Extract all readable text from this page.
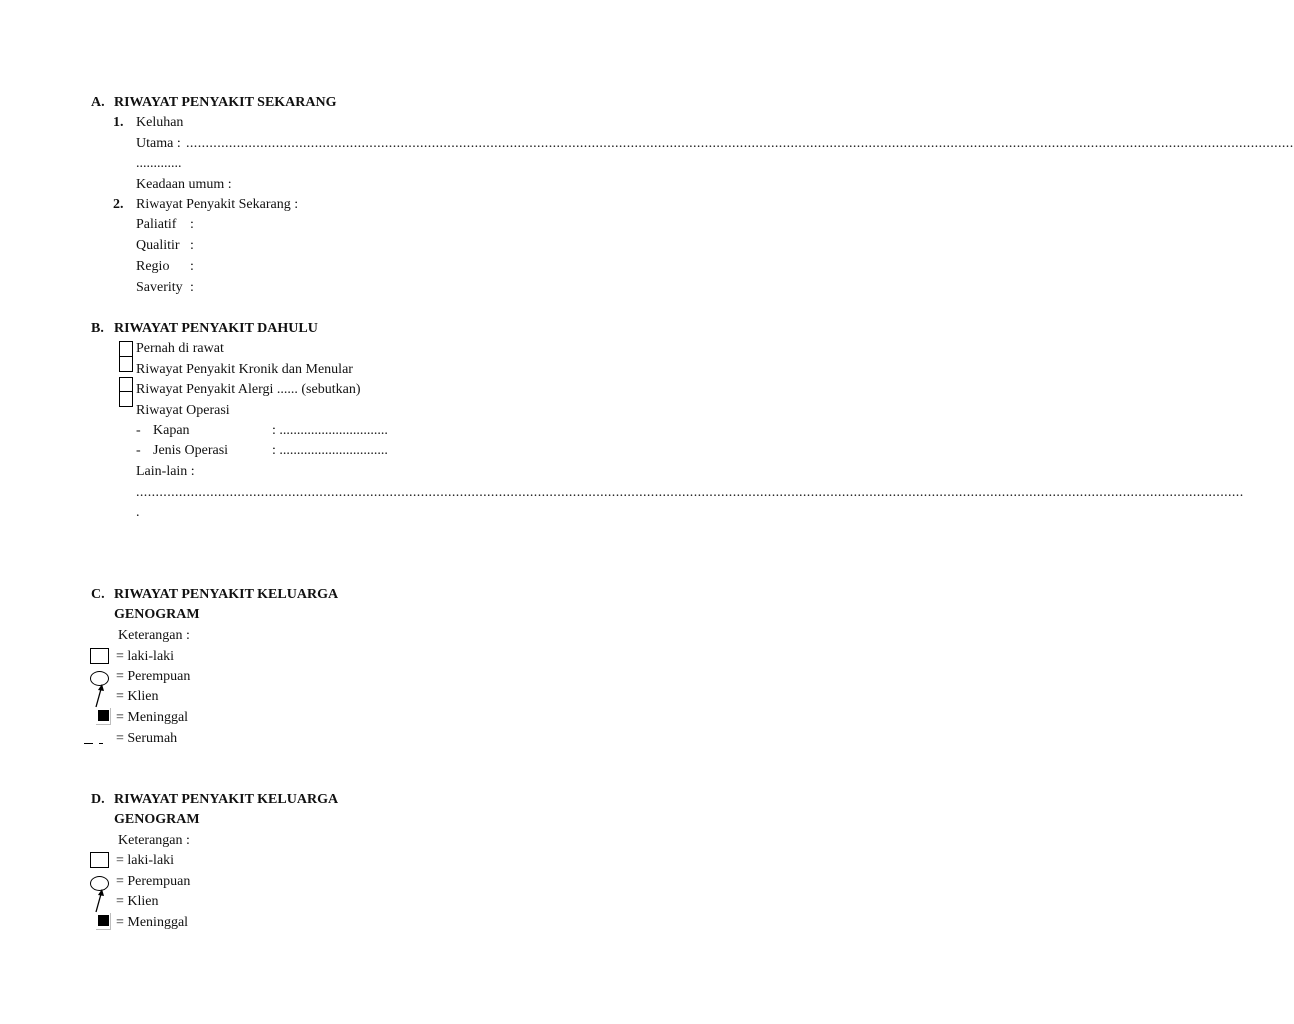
A. RIWAYAT PENYAKIT SEKARANG
1. Keluhan
Utama : ............................................................................................................................................................................................................................................................................................
.............
Keadaan umum :
2. Riwayat Penyakit Sekarang :
Paliatif :
Qualitir :
Regio :
Saverity :
B. RIWAYAT PENYAKIT DAHULU
Pernah di rawat
Riwayat Penyakit Kronik dan Menular
Riwayat Penyakit Alergi ...... (sebutkan)
Riwayat Operasi
- Kapan	: ...............................
- Jenis Operasi	: ...............................
Lain-lain :
............................................................................................................................................................................................................................................................................................
.
C. RIWAYAT PENYAKIT KELUARGA
GENOGRAM
Keterangan :
= laki-laki
= Perempuan
= Klien
= Meninggal
= Serumah
D. RIWAYAT PENYAKIT KELUARGA
GENOGRAM
Keterangan :
= laki-laki
= Perempuan
= Klien
= Meninggal
